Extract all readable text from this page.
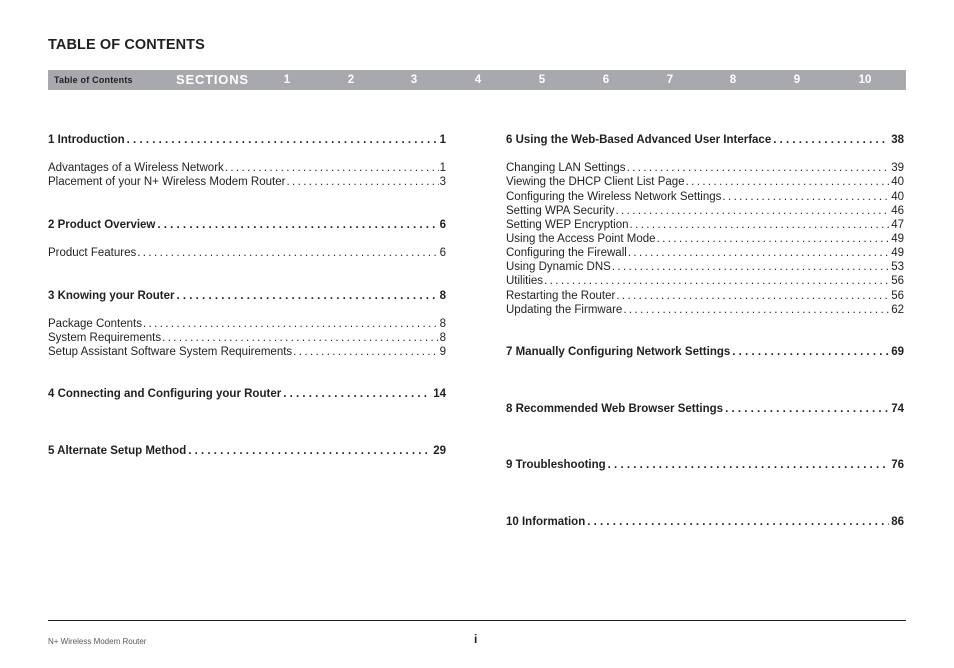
TABLE OF CONTENTS
Table of Contents	SECTIONS	1	2	3	4	5	6	7	8	9	10
1 Introduction . . .	1
Advantages of a Wireless Network . . .	1
Placement of your N+ Wireless Modem Router . . .	3
2 Product Overview . . .	6
Product Features . . .	6
3 Knowing your Router . . .	8
Package Contents . . .	8
System Requirements . . .	8
Setup Assistant Software System Requirements . . .	9
4 Connecting and Configuring your Router . . .	14
5 Alternate Setup Method . . .	29
6 Using the Web-Based Advanced User Interface . . .	38
Changing LAN Settings . . .	39
Viewing the DHCP Client List Page . . .	40
Configuring the Wireless Network Settings . . .	40
Setting WPA Security . . .	46
Setting WEP Encryption . . .	47
Using the Access Point Mode . . .	49
Configuring the Firewall . . .	49
Using Dynamic DNS . . .	53
Utilities . . .	56
Restarting the Router . . .	56
Updating the Firmware . . .	62
7 Manually Configuring Network Settings . . .	69
8 Recommended Web Browser Settings . . .	74
9 Troubleshooting . . .	76
10 Information . . .	86
N+ Wireless Modem Router	i
